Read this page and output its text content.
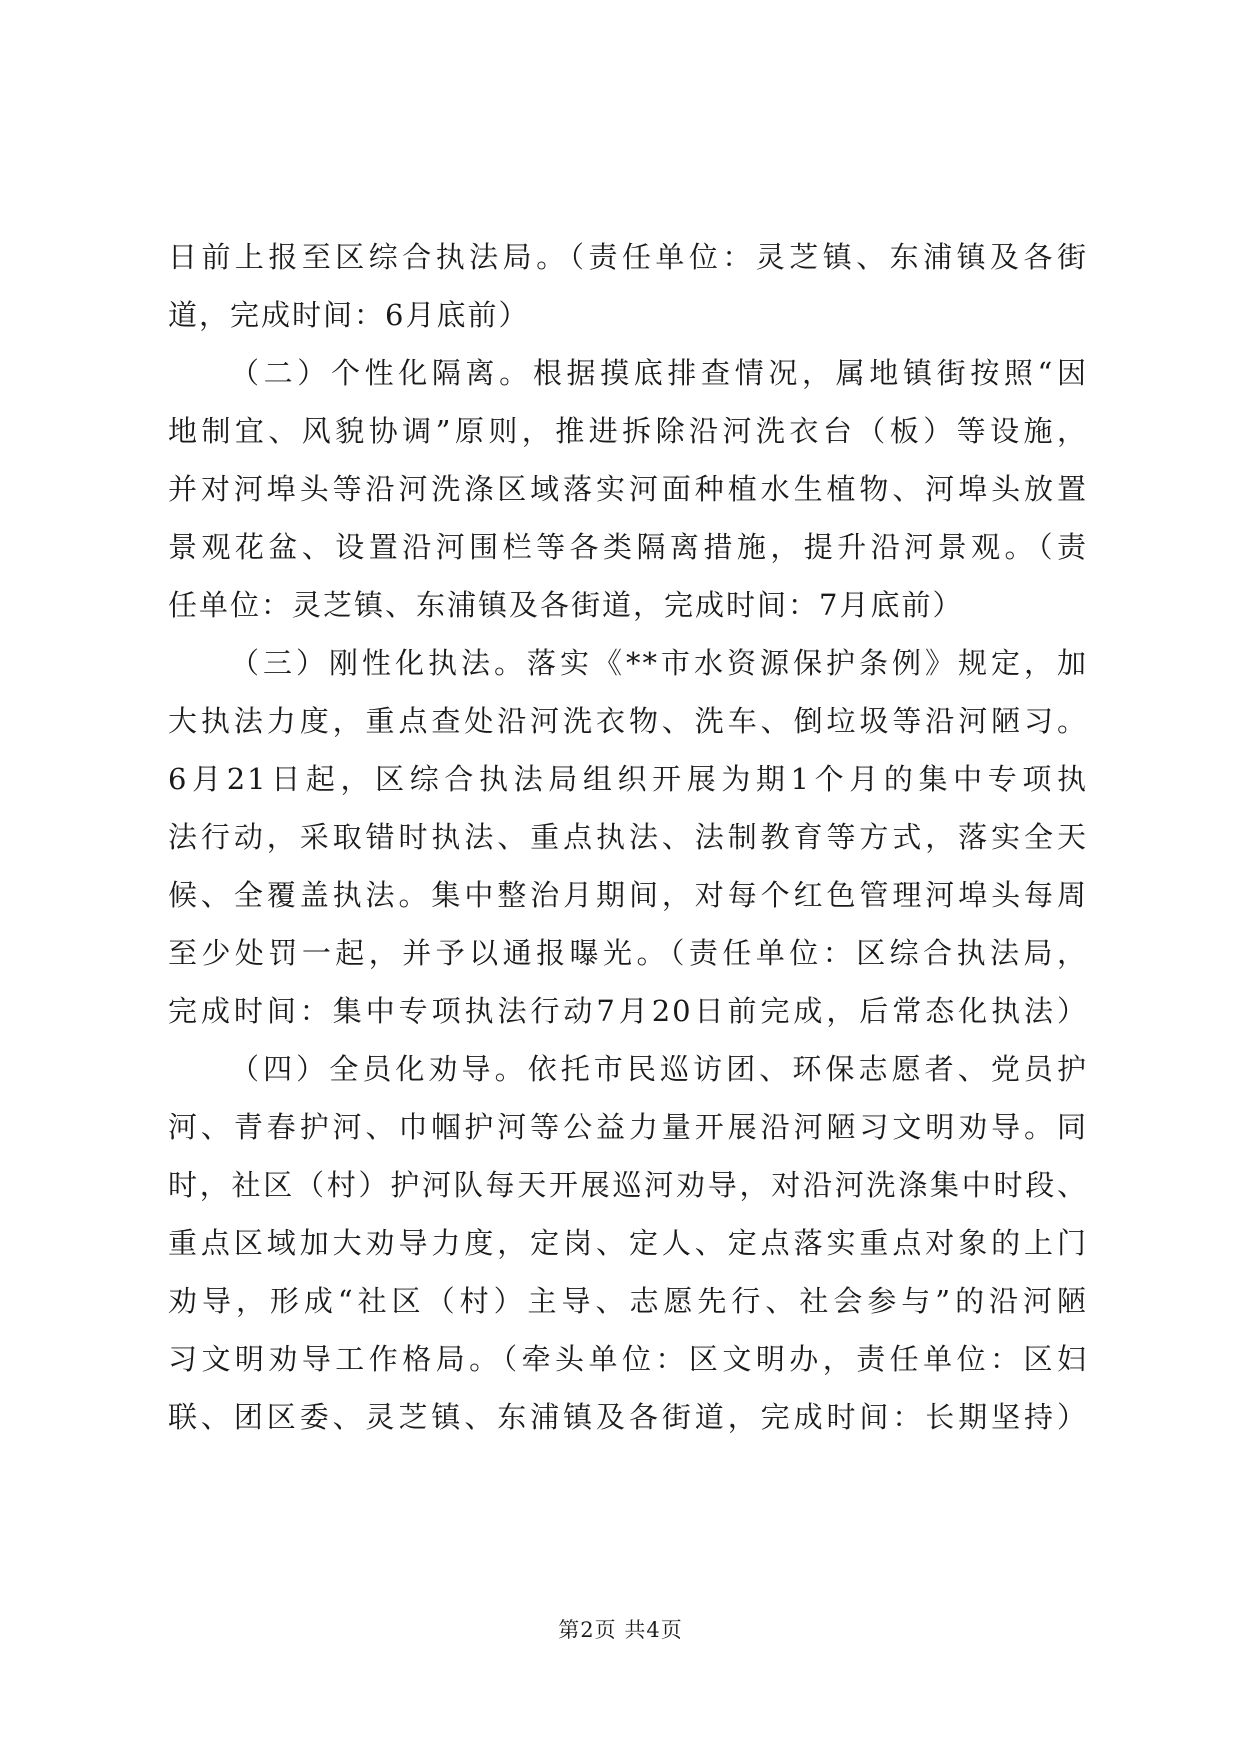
日前上报至区综合执法局。（责任单位：灵芝镇、东浦镇及各街
道，完成时间：6月底前）
（二）个性化隔离。根据摸底排查情况，属地镇街按照“因
地制宜、风貌协调”原则，推进拆除沿河洗衣台（板）等设施，
并对河埠头等沿河洗涤区域落实河面种植水生植物、河埠头放置
景观花盆、设置沿河围栏等各类隔离措施，提升沿河景观。（责
任单位：灵芝镇、东浦镇及各街道，完成时间：7月底前）
（三）刚性化执法。落实《**市水资源保护条例》规定，加
大执法力度，重点查处沿河洗衣物、洗车、倒垃圾等沿河陋习。
6月21日起，区综合执法局组织开展为期1个月的集中专项执
法行动，采取错时执法、重点执法、法制教育等方式，落实全天
候、全覆盖执法。集中整治月期间，对每个红色管理河埠头每周
至少处罚一起，并予以通报曝光。（责任单位：区综合执法局，
完成时间：集中专项执法行动7月20日前完成，后常态化执法）
（四）全员化劝导。依托市民巡访团、环保志愿者、党员护
河、青春护河、巾帼护河等公益力量开展沿河陋习文明劝导。同
时，社区（村）护河队每天开展巡河劝导，对沿河洗涤集中时段、
重点区域加大劝导力度，定岗、定人、定点落实重点对象的上门
劝导，形成“社区（村）主导、志愿先行、社会参与”的沿河陋
习文明劝导工作格局。（牵头单位：区文明办，责任单位：区妇
联、团区委、灵芝镇、东浦镇及各街道，完成时间：长期坚持）
第2页 共4页
